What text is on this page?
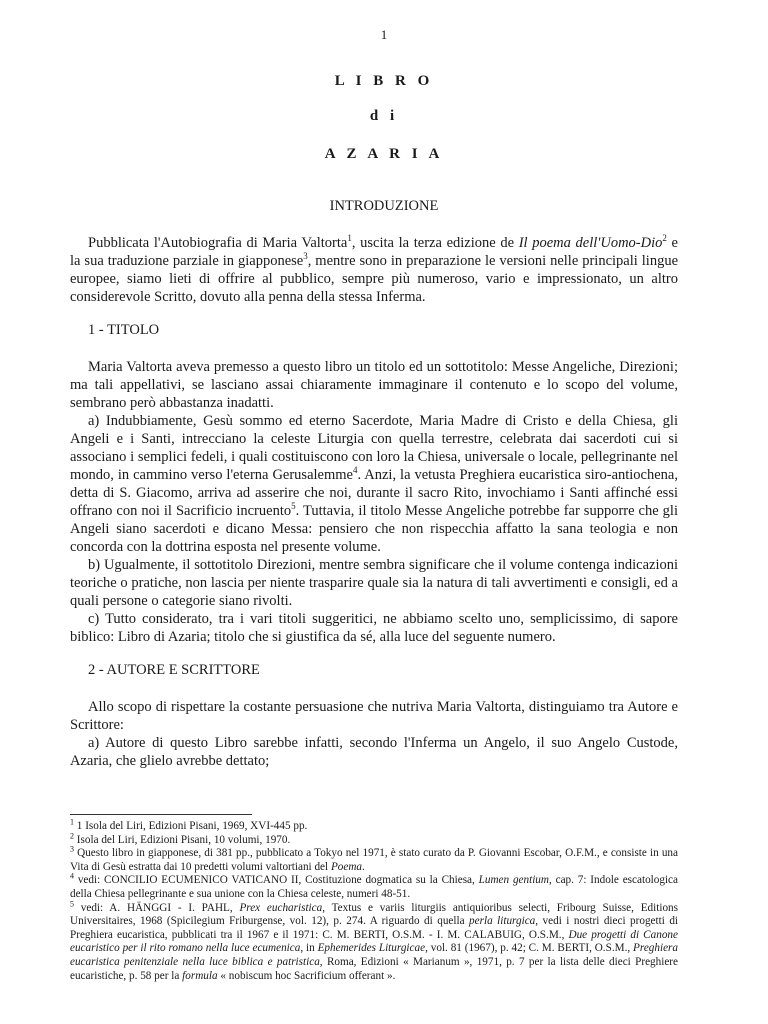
1
L I B R O
d i
A Z A R I A
INTRODUZIONE

Pubblicata l'Autobiografia di Maria Valtorta$^1$, uscita la terza edizione de Il poema dell'Uomo-Dio$^2$ e la sua traduzione parziale in giapponese$^3$, mentre sono in preparazione le versioni nelle principali lingue europee, siamo lieti di offrire al pubblico, sempre più numeroso, vario e impressionato, un altro considerevole Scritto, dovuto alla penna della stessa Inferma.

1 - TITOLO

Maria Valtorta aveva premesso a questo libro un titolo ed un sottotitolo: Messe Angeliche, Direzioni; ma tali appellativi, se lasciano assai chiaramente immaginare il contenuto e lo scopo del volume, sembrano però abbastanza inadatti.

a) Indubbiamente, Gesù sommo ed eterno Sacerdote, Maria Madre di Cristo e della Chiesa, gli Angeli e i Santi, intrecciano la celeste Liturgia con quella terrestre, celebrata dai sacerdoti cui si associano i semplici fedeli, i quali costituiscono con loro la Chiesa, universale o locale, pellegrinante nel mondo, in cammino verso l'eterna Gerusalemme$^4$. Anzi, la vetusta Preghiera eucaristica siro-antiochena, detta di S. Giacomo, arriva ad asserire che noi, durante il sacro Rito, invochiamo i Santi affinché essi offrano con noi il Sacrificio incruento$^5$. Tuttavia, il titolo Messe Angeliche potrebbe far supporre che gli Angeli siano sacerdoti e dicano Messa: pensiero che non rispecchia affatto la sana teologia e non concorda con la dottrina esposta nel presente volume.

b) Ugualmente, il sottotitolo Direzioni, mentre sembra significare che il volume contenga indicazioni teoriche o pratiche, non lascia per niente trasparire quale sia la natura di tali avvertimenti e consigli, ed a quali persone o categorie siano rivolti.

c) Tutto considerato, tra i vari titoli suggeritici, ne abbiamo scelto uno, semplicissimo, di sapore biblico: Libro di Azaria; titolo che si giustifica da sé, alla luce del seguente numero.

2 - AUTORE E SCRITTORE

Allo scopo di rispettare la costante persuasione che nutriva Maria Valtorta, distinguiamo tra Autore e Scrittore:

a) Autore di questo Libro sarebbe infatti, secondo l'Inferma un Angelo, il suo Angelo Custode, Azaria, che glielo avrebbe dettato;

$^1$ 1 Isola del Liri, Edizioni Pisani, 1969, XVI-445 pp.

$^2$ Isola del Liri, Edizioni Pisani, 10 volumi, 1970.

$^3$ Questo libro in giapponese, di 381 pp., pubblicato a Tokyo nel 1971, è stato curato da P. Giovanni Escobar, O.F.M., e consiste in una Vita di Gesù estratta dai 10 predetti volumi valtortiani del Poema.

$^4$ vedi: CONCILIO ECUMENICO VATICANO II, Costituzione dogmatica su la Chiesa, Lumen gentium, cap. 7: Indole escatologica della Chiesa pellegrinante e sua unione con la Chiesa celeste, numeri 48-51.

$^5$ vedi: A. HÄNGGI - I. PAHL, Prex eucharistica, Textus e variis liturgiis antiquioribus selecti, Fribourg Suisse, Editions Universitaires, 1968 (Spicilegium Friburgense, vol. 12), p. 274. A riguardo di quella perla liturgica, vedi i nostri dieci progetti di Preghiera eucaristica, pubblicati tra il 1967 e il 1971: C. M. BERTI, O.S.M. - I. M. CALABUIG, O.S.M., Due progetti di Canone eucaristico per il rito romano nella luce ecumenica, in Ephemerides Liturgicae, vol. 81 (1967), p. 42; C. M. BERTI, O.S.M., Preghiera eucaristica penitenziale nella luce biblica e patristica, Roma, Edizioni « Marianum », 1971, p. 7 per la lista delle dieci Preghiere eucaristiche, p. 58 per la formula « nobiscum hoc Sacrificium offerant ».
